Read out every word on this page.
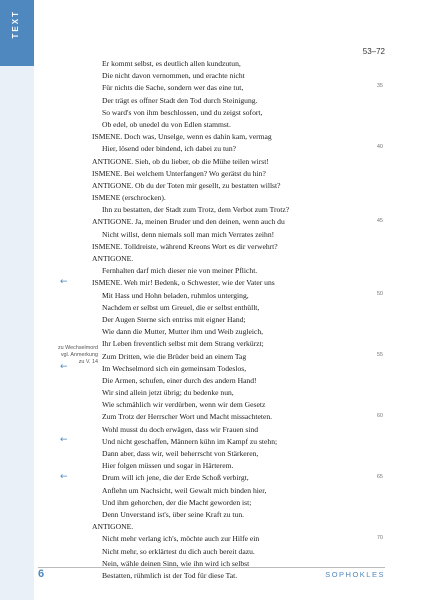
TEXT
53–72
zu Wechselmord
vgl. Anmerkung
zu V. 14
Er kommt selbst, es deutlich allen kundzutun,
Die nicht davon vernommen, und erachte nicht
Für nichts die Sache, sondern wer das eine tut,
Der trägt es offner Stadt den Tod durch Steinigung.
So ward's von ihm beschlossen, und du zeigst sofort,
Ob edel, ob unedel du von Edlen stammst.
ISMENE. Doch was, Unselge, wenn es dahin kam, vermag
Hier, lösend oder bindend, ich dabei zu tun?
ANTIGONE. Sieh, ob du lieber, ob die Mühe teilen wirst!
ISMENE. Bei welchem Unterfangen? Wo gerätst du hin?
ANTIGONE. Ob du der Toten mir gesellt, zu bestatten willst?
ISMENE (erschrocken).
Ihn zu bestatten, der Stadt zum Trotz, dem Verbot zum Trotz?
ANTIGONE. Ja, meinen Bruder und den deinen, wenn auch du
Nicht willst, denn niemals soll man mich Verrates zeihn!
ISMENE. Tolldreiste, während Kreons Wort es dir verwehrt?
ANTIGONE.
Fernhalten darf mich dieser nie von meiner Pflicht.
ISMENE. Weh mir! Bedenk, o Schwester, wie der Vater uns
Mit Hass und Hohn beladen, ruhmlos unterging,
Nachdem er selbst um Greuel, die er selbst enthüllt,
Der Augen Sterne sich entriss mit eigner Hand;
Wie dann die Mutter, Mutter ihm und Weib zugleich,
Ihr Leben freventlich selbst mit dem Strang verkürzt;
Zum Dritten, wie die Brüder beid an einem Tag
Im Wechselmord sich ein gemeinsam Todeslos,
Die Armen, schufen, einer durch des andern Hand!
Wir sind allein jetzt übrig; du bedenke nun,
Wie schmählich wir verdürben, wenn wir dem Gesetz
Zum Trotz der Herrscher Wort und Macht missachteten.
Wohl musst du doch erwägen, dass wir Frauen sind
Und nicht geschaffen, Männern kühn im Kampf zu stehn;
Dann aber, dass wir, weil beherrscht von Stärkeren,
Hier folgen müssen und sogar in Härterem.
Drum will ich jene, die der Erde Schoß verbirgt,
Anflehn um Nachsicht, weil Gewalt mich binden hier,
Und ihm gehorchen, der die Macht geworden ist;
Denn Unverstand ist's, über seine Kraft zu tun.
ANTIGONE.
Nicht mehr verlang ich's, möchte auch zur Hilfe ein
Nicht mehr, so erklärtest du dich auch bereit dazu.
Nein, wähle deinen Sinn, wie ihn wird ich selbst
Bestatten, rühmlich ist der Tod für diese Tat.
6	SOPHOKLES
35
40
45
←
50
55
←
60
←
65
←
70
